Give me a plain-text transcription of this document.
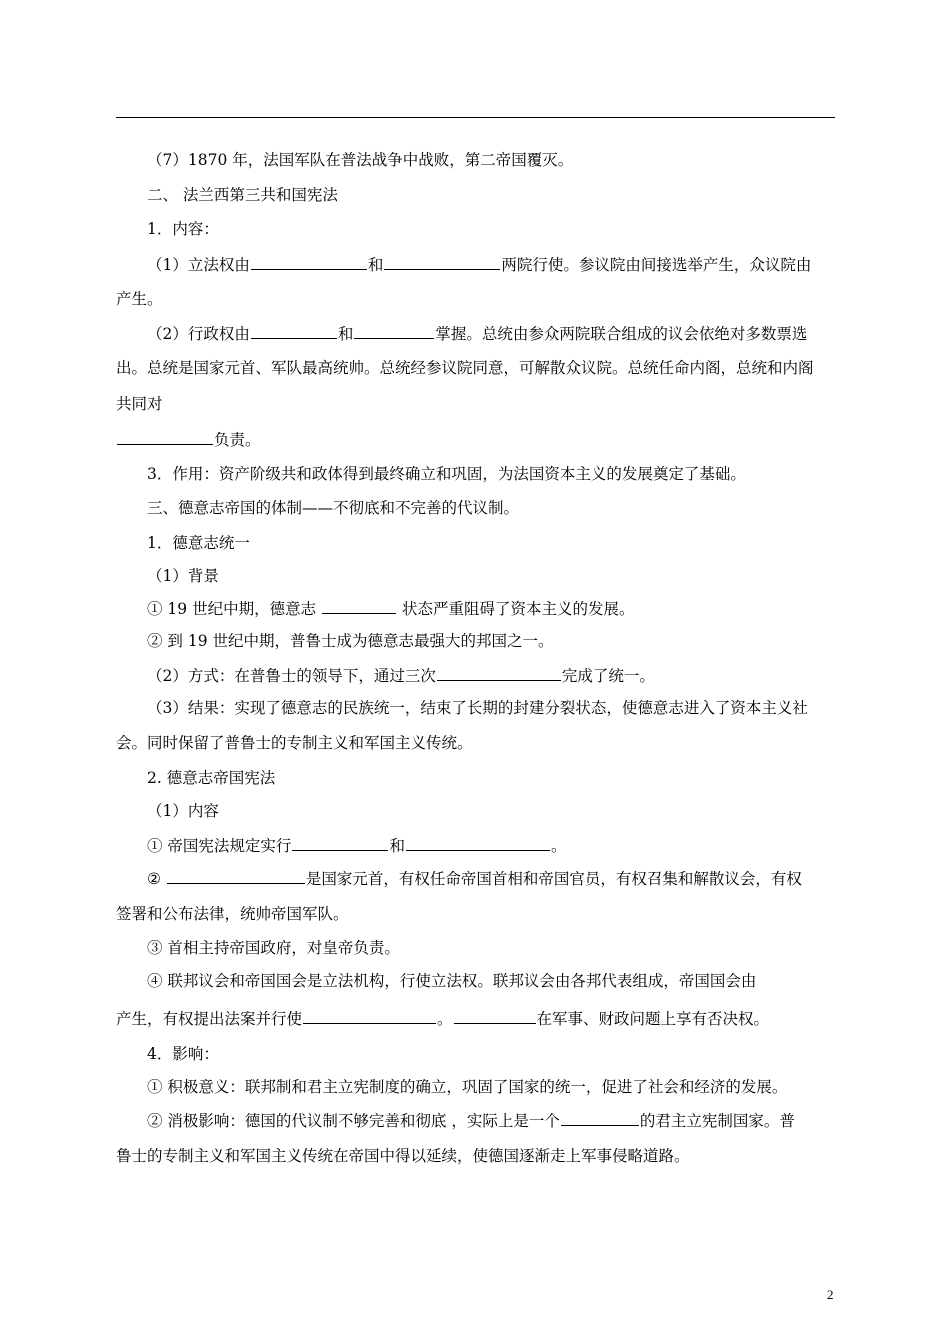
（7）1870 年，法国军队在普法战争中战败，第二帝国覆灭。
二、 法兰西第三共和国宪法
1．内容：
（1）立法权由	和	两院行使。参议院由间接选举产生，众议院由
产生。
（2）行政权由	和	掌握。总统由参众两院联合组成的议会依绝对多数票选
出。总统是国家元首、军队最高统帅。总统经参议院同意，可解散众议院。总统任命内阁，总统和内阁
共同对
负责。
3．作用：资产阶级共和政体得到最终确立和巩固，为法国资本主义的发展奠定了基础。
三、德意志帝国的体制——不彻底和不完善的代议制。
1．德意志统一
（1）背景
① 19 世纪中期，德意志	状态严重阻碍了资本主义的发展。
② 到 19 世纪中期，普鲁士成为德意志最强大的邦国之一。
（2）方式：在普鲁士的领导下，通过三次	完成了统一。
（3）结果：实现了德意志的民族统一，结束了长期的封建分裂状态，使德意志进入了资本主义社
会。同时保留了普鲁士的专制主义和军国主义传统。
2. 德意志帝国宪法
（1）内容
① 帝国宪法规定实行	和	。
②	是国家元首，有权任命帝国首相和帝国官员，有权召集和解散议会，有权
签署和公布法律，统帅帝国军队。
③ 首相主持帝国政府，对皇帝负责。
④ 联邦议会和帝国国会是立法机构，行使立法权。联邦议会由各邦代表组成，帝国国会由
产生，有权提出法案并行使	。	在军事、财政问题上享有否决权。
4．影响：
① 积极意义：联邦制和君主立宪制度的确立，巩固了国家的统一，促进了社会和经济的发展。
② 消极影响：德国的代议制不够完善和彻底 ，实际上是一个	的君主立宪制国家。普
鲁士的专制主义和军国主义传统在帝国中得以延续，使德国逐渐走上军事侵略道路。
2
